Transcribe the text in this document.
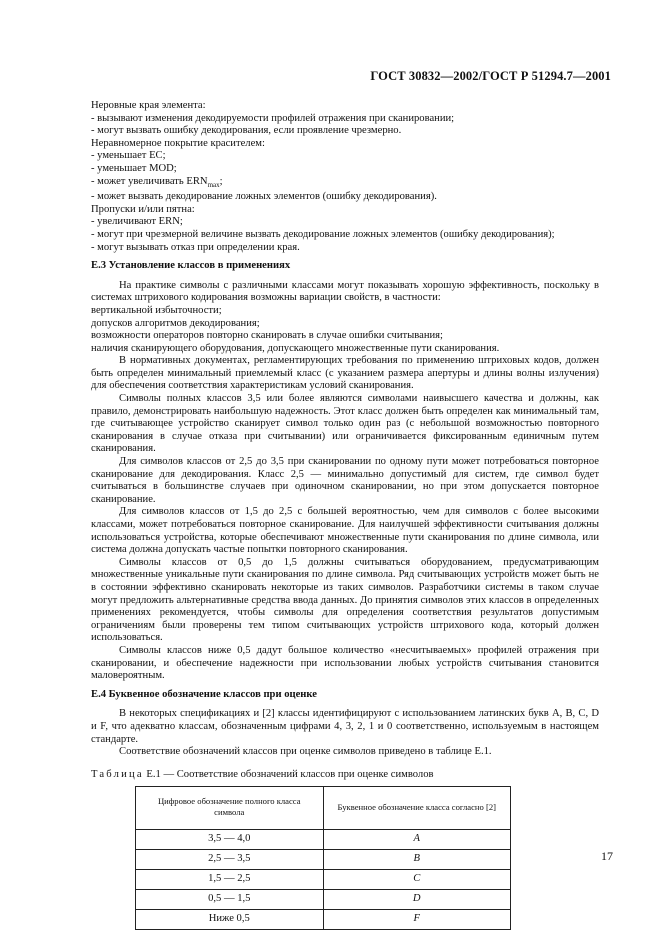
ГОСТ 30832—2002/ГОСТ Р 51294.7—2001
Неровные края элемента:
- вызывают изменения декодируемости профилей отражения при сканировании;
- могут вызвать ошибку декодирования, если проявление чрезмерно.
Неравномерное покрытие красителем:
- уменьшает EC;
- уменьшает MOD;
- может увеличивать $ERN_{max}$;
- может вызвать декодирование ложных элементов (ошибку декодирования).
Пропуски и/или пятна:
- увеличивают ERN;
- могут при чрезмерной величине вызвать декодирование ложных элементов (ошибку декодирования);
- могут вызывать отказ при определении края.
Е.3 Установление классов в применениях
На практике символы с различными классами могут показывать хорошую эффективность, поскольку в системах штрихового кодирования возможны вариации свойств, в частности:
вертикальной избыточности;
допусков алгоритмов декодирования;
возможности операторов повторно сканировать в случае ошибки считывания;
наличия сканирующего оборудования, допускающего множественные пути сканирования.
В нормативных документах, регламентирующих требования по применению штриховых кодов, должен быть определен минимальный приемлемый класс (с указанием размера апертуры и длины волны излучения) для обеспечения соответствия характеристикам условий сканирования.
Символы полных классов 3,5 или более являются символами наивысшего качества и должны, как правило, демонстрировать наибольшую надежность. Этот класс должен быть определен как минимальный там, где считывающее устройство сканирует символ только один раз (с небольшой возможностью повторного сканирования в случае отказа при считывании) или ограничивается фиксированным единичным путем сканирования.
Для символов классов от 2,5 до 3,5 при сканировании по одному пути может потребоваться повторное сканирование для декодирования. Класс 2,5 — минимально допустимый для систем, где символ будет считываться в большинстве случаев при одиночном сканировании, но при этом допускается повторное сканирование.
Для символов классов от 1,5 до 2,5 с большей вероятностью, чем для символов с более высокими классами, может потребоваться повторное сканирование. Для наилучшей эффективности считывания должны использоваться устройства, которые обеспечивают множественные пути сканирования по длине символа, или система должна допускать частые попытки повторного сканирования.
Символы классов от 0,5 до 1,5 должны считываться оборудованием, предусматривающим множественные уникальные пути сканирования по длине символа. Ряд считывающих устройств может быть не в состоянии эффективно сканировать некоторые из таких символов. Разработчики системы в таком случае могут предложить альтернативные средства ввода данных. До принятия символов этих классов в определенных применениях рекомендуется, чтобы символы для определения соответствия результатов допустимым ограничениям были проверены тем типом считывающих устройств штрихового кода, который должен использоваться.
Символы классов ниже 0,5 дадут большое количество «несчитываемых» профилей отражения при сканировании, и обеспечение надежности при использовании любых устройств считывания становится маловероятным.
Е.4 Буквенное обозначение классов при оценке
В некоторых спецификациях и [2] классы идентифицируют с использованием латинских букв A, B, C, D и F, что адекватно классам, обозначенным цифрами 4, 3, 2, 1 и 0 соответственно, используемым в настоящем стандарте.
Соответствие обозначений классов при оценке символов приведено в таблице Е.1.
Таблица Е.1 — Соответствие обозначений классов при оценке символов
Цифровое обозначение полного класса символа	Буквенное обозначение класса согласно [2]
3,5 — 4,0	A
2,5 — 3,5	B
1,5 — 2,5	C
0,5 — 1,5	D
Ниже 0,5	F
17
